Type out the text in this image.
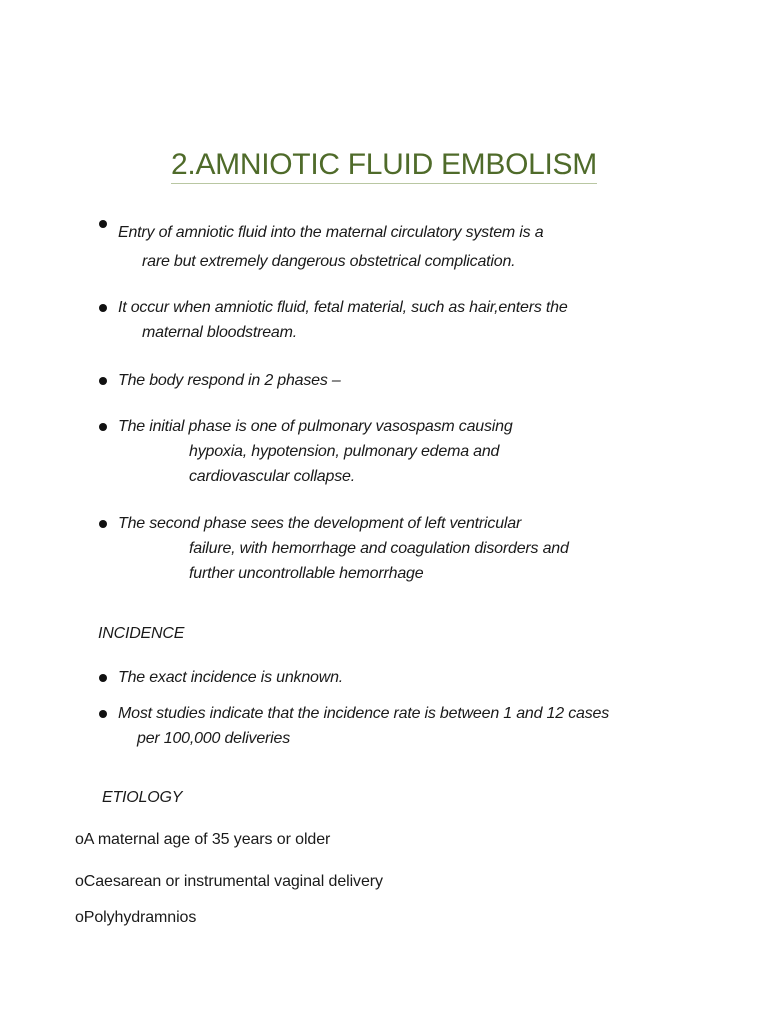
2.AMNIOTIC FLUID EMBOLISM
Entry of amniotic fluid into the maternal circulatory system is a
rare but extremely dangerous obstetrical complication.
It occur when amniotic fluid, fetal material, such as hair,enters the
maternal bloodstream.
The body respond in 2 phases –
The initial phase is one of pulmonary vasospasm causing
hypoxia, hypotension, pulmonary edema and
cardiovascular collapse.
The second phase sees the development of left ventricular
failure, with hemorrhage and coagulation disorders and
further uncontrollable hemorrhage
INCIDENCE
The exact incidence is unknown.
Most studies indicate that the incidence rate is between 1 and 12 cases
per 100,000 deliveries
ETIOLOGY
oA maternal age of 35 years or older
oCaesarean or instrumental vaginal delivery
oPolyhydramnios
